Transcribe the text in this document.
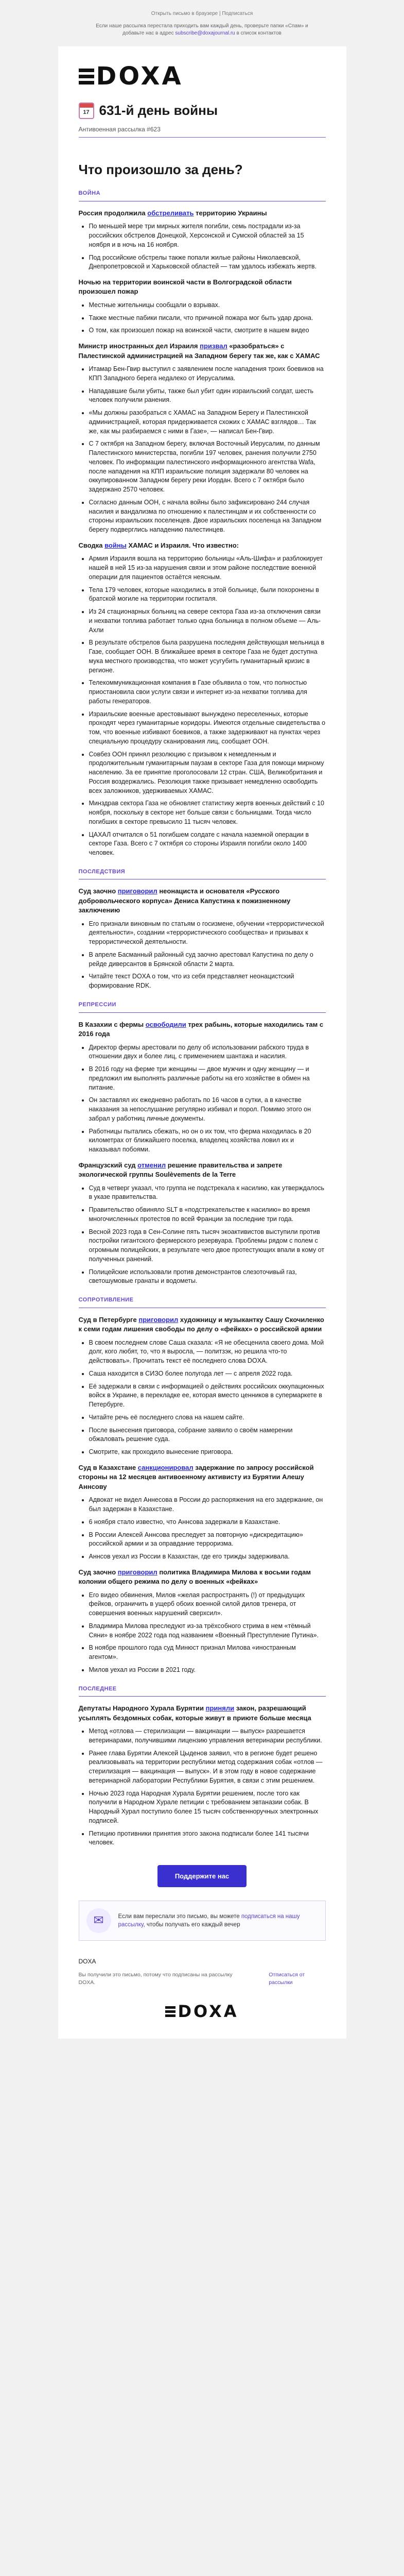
Открыть письмо в браузере | Подписаться
Если наше рассылка перестала приходить вам каждый день, проверьте папки «Спам» и добавьте нас в адрес subscribe@doxajournal.ru в список контактов
DOXA
17 631-й день войны
Антивоенная рассылка #623
Что произошло за день?
ВОЙНА

Россия продолжила обстреливать территорию Украины

• По меньшей мере три мирных жителя погибли, семь пострадали из-за российских обстрелов Донецкой, Херсонской и Сумской областей за 15 ноября и в ночь на 16 ноября.
• Под российские обстрелы также попали жилые районы Николаевской, Днепропетровской и Харьковской областей — там удалось избежать жертв.

Ночью на территории воинской части в Волгоградской области произошел пожар

• Местные жительницы сообщали о взрывах.
• Также местные пабики писали, что причиной пожара мог быть удар дрона.
• О том, как произошел пожар на воинской части, смотрите в нашем видео

Министр иностранных дел Израиля призвал «разобраться» с Палестинской администрацией на Западном берегу так же, как с ХАМАС

• Итамар Бен-Гвир выступил с заявлением после нападения троих боевиков на КПП Западного берега недалеко от Иерусалима.
• Нападавшие были убиты, также был убит один израильский солдат, шесть человек получили ранения.
• «Мы должны разобраться с ХАМАС на Западном Берегу и Палестинской администрацией, которая придерживается схожих с ХАМАС взглядов… Так же, как мы разбираемся с ними в Газе», — написал Бен-Гвир.
• С 7 октября на Западном берегу, включая Восточный Иерусалим, по данным Палестинского министерства, погибли 197 человек, ранения получили 2750 человек. По информации палестинского информационного агентства Wafa, после нападения на КПП израильские полиция задержали 80 человек на оккупированном Западном берегу реки Иордан. Всего с 7 октября было задержано 2570 человек.
• Согласно данным ООН, с начала войны было зафиксировано 244 случая насилия и вандализма по отношению к палестинцам и их собственности со стороны израильских поселенцев. Двое израильских поселенца на Западном берегу подверглись нападению палестинцев.

Сводка войны ХАМАС и Израиля. Что известно:

• Армия Израиля вошла на территорию больницы «Аль-Шифа» и разблокирует нашей в ней 15 из-за нарушения связи и этом районе последствие военной операции для пациентов остаётся неясным.
• Тела 179 человек, которые находились в этой больнице, были похоронены в братской могиле на территории госпиталя.
• Из 24 стационарных больниц на севере сектора Газа из-за отключения связи и нехватки топлива работает только одна больница в полном объеме — Аль-Ахли
• В результате обстрелов была разрушена последняя действующая мельница в Газе, сообщает ООН. В ближайшее время в секторе Газа не будет доступна мука местного производства, что может усугубить гуманитарный кризис в регионе.
• Телекоммуникационная компания в Газе объявила о том, что полностью приостановила свои услуги связи и интернет из-за нехватки топлива для работы генераторов.
• Израильские военные арестовывают вынуждено переселенных, которые проходят через гуманитарные коридоры. Имеются отдельные свидетельства о том, что военные избивают боевиков, а также задерживают на пунктах через специальную процедуру сканирования лиц, сообщает ООН.
• Совбез ООН принял резолюцию с призывом к немедленным и продолжительным гуманитарным паузам в секторе Газа для помощи мирному населению. За ее принятие проголосовали 12 стран. США, Великобритания и Россия воздержались. Резолюция также призывает немедленно освободить всех заложников, удерживаемых ХАМАС.
• Минздрав сектора Газа не обновляет статистику жертв военных действий с 10 ноября, поскольку в секторе нет больше связи с больницами. Тогда число погибших в секторе превысило 11 тысяч человек.
• ЦАХАЛ отчитался о 51 погибшем солдате с начала наземной операции в секторе Газа. Всего с 7 октября со стороны Израиля погибли около 1400 человек.
ПОСЛЕДСТВИЯ

Суд заочно приговорил неонациста и основателя «Русского добровольческого корпуса» Дениса Капустина к пожизненному заключению

• Его признали виновным по статьям о госизмене, обучении «террористической деятельности», создании «террористического сообщества» и призывах к террористической деятельности.
• В апреле Басманный районный суд заочно арестовал Капустина по делу о рейде диверсантов в Брянской области 2 марта.
• Читайте текст DOXA о том, что из себя представляет неонацистский формирование RDK.
РЕПРЕССИИ

В Казахии с фермы освободили трех рабынь, которые находились там с 2016 года

• Директор фермы арестовали по делу об использовании рабского труда в отношении двух и более лиц, с применением шантажа и насилия.
• В 2016 году на ферме три женщины — двое мужчин и одну женщину — и предложил им выполнять различные работы на его хозяйстве в обмен на питание.
• Он заставлял их ежедневно работать по 16 часов в сутки, а в качестве наказания за непослушание регулярно избивал и порол. Помимо этого он забрал у работниц личные документы.
• Работницы пытались сбежать, но он о их том, что ферма находилась в 20 километрах от ближайшего поселка, владелец хозяйства ловил их и наказывал побоями.

Французский суд отменил решение правительства и запрете экологической группы Soulèvements de la Terre

• Суд в четверг указал, что группа не подстрекала к насилию, как утверждалось в указе правительства.
• Правительство обвиняло SLT в «подстрекательстве к насилию» во время многочисленных протестов по всей Франции за последние три года.
• Весной 2023 года в Сен-Солине пять тысяч экоактивистов выступили против постройки гигантского фермерского резервуара. Проблемы рядом с полем с огромным полицейских, в результате чего двое протестующих впали в кому от полученных ранений.
• Полицейские использовали против демонстрантов слезоточивый газ, светошумовые гранаты и водометы.
СОПРОТИВЛЕНИЕ

Суд в Петербурге приговорил художницу и музыкантку Сашу Скочиленко к семи годам лишения свободы по делу о «фейках» о российской армии

• В своем последнем слове Саша сказала: «Я не обесценила своего дома. Мой долг, кого любят, то, что я выросла, — политзэк, но решила что-то действовать». Прочитать текст её последнего слова DOXA.
• Саша находится в СИЗО более полугода лет — с апреля 2022 года.
• Её задержали в связи с информацией о действиях российских оккупационных войск в Украине, в перекладке ее, которая вместо ценников в супермаркете в Петербурге.
• Читайте речь её последнего слова на нашем сайте.
• После вынесения приговора, собрание заявило о своём намерении обжаловать решение суда.
• Смотрите, как проходило вынесение приговора.

Суд в Казахстане санкционировал задержание по запросу российской стороны на 12 месяцев антивоенному активисту из Бурятии Алешу Аннсову

• Адвокат не видел Аннесова в России до распоряжения на его задержание, он был задержан в Казахстане.
• 6 ноября стало известно, что Аннсова задержали в Казахстане.
• В России Алексей Аннсова преследует за повторную «дискредитацию» российской армии и за оправдание терроризма.
• Аннсов уехал из России в Казахстан, где его трижды задерживала.

Суд заочно приговорил политика Владимира Милова к восьми годам колонии общего режима по делу о военных «фейках»

• Его видео обвинения, Милов «желая распространять (!) от предыдущих фейков, ограничить в ущерб обоих военной силой дилов тренера, от совершения военных нарушений сверхсил».
• Владимира Милова преследуют из-за трёхсобного стрима в нем «тёмный Сяни» в ноябре 2022 года под названием «Военный Преступление Путина».
• В ноябре прошлого года суд Минюст признал Милова «иностранным агентом».
• Милов уехал из России в 2021 году.
ПОСЛЕДНЕЕ

Депутаты Народного Хурала Бурятии приняли закон, разрешающий усыплять бездомных собак, которые живут в приюте больше месяца

• Метод «отлова — стерилизации — вакцинации — выпуск» разрешается ветеринарами, получившими лицензию управления ветеринарии республики.
• Ранее глава Бурятии Алексей Цыденов заявил, что в регионе будет решено реализовывать на территории республики метод содержания собак «отлов — стерилизация — вакцинация — выпуск». И в этом году в новое содержание ветеринарной лаборатории Республики Бурятия, в связи с этим решением.
• Ночью 2023 года Народная Хурала Бурятии решением, после того как получили в Народном Хурале петиции с требованием эвтаназии собак. В Народный Хурал поступило более 15 тысяч собственноручных электронных подписей.
• Петицию противники принятия этого закона подписали более 141 тысячи человек.
Поддержите нас
✉	Если вам переслали это письмо, вы можете подписаться на нашу рассылку, чтобы получать его каждый вечер
DOXA
Вы получили это письмо, потому что подписаны на рассылку DOXA.
Отписаться от рассылки
DOXA
